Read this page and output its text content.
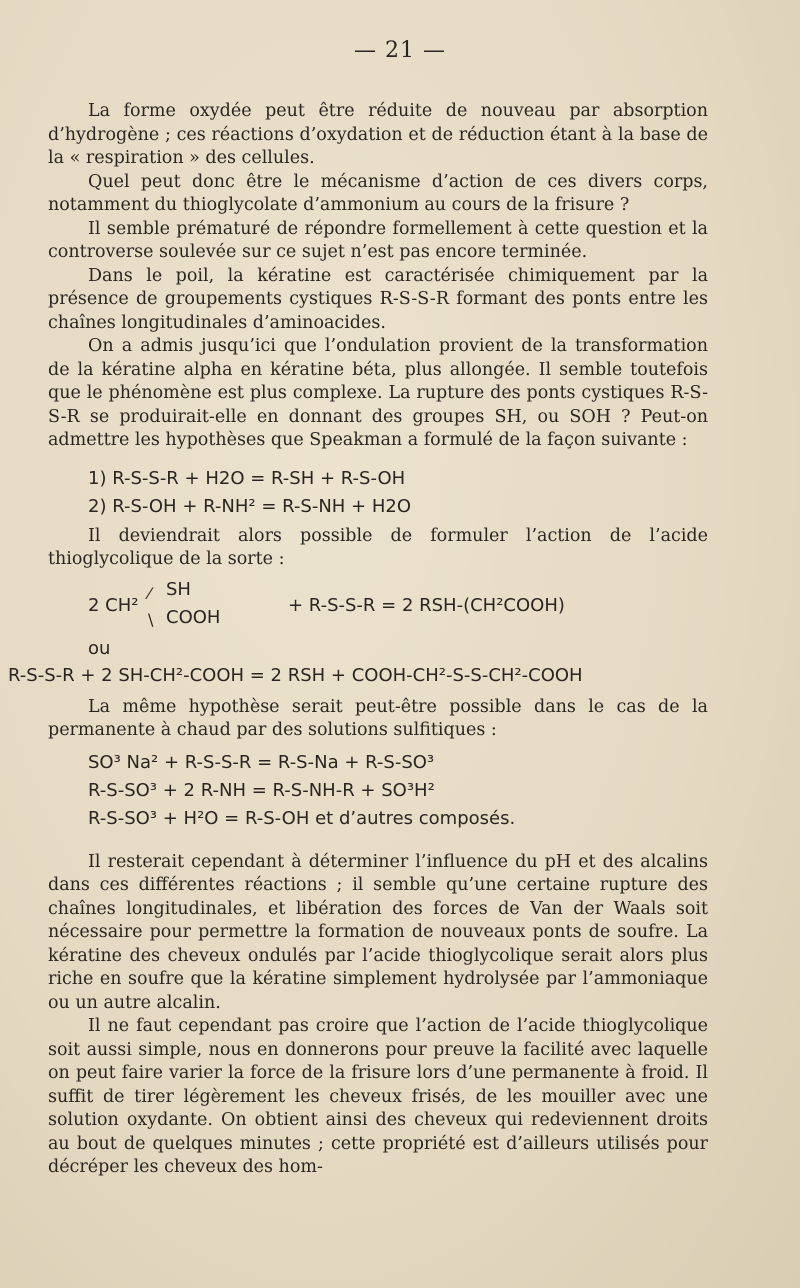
— 21 —

La forme oxydée peut être réduite de nouveau par absorption d’hydrogène ; ces réactions d’oxydation et de réduction étant à la base de la « respiration » des cellules.

Quel peut donc être le mécanisme d’action de ces divers corps, notamment du thioglycolate d’ammonium au cours de la frisure ?

Il semble prématuré de répondre formellement à cette question et la controverse soulevée sur ce sujet n’est pas encore terminée.

Dans le poil, la kératine est caractérisée chimiquement par la présence de groupements cystiques R-S-S-R formant des ponts entre les chaînes longitudinales d’aminoacides.

On a admis jusqu’ici que l’ondulation provient de la transformation de la kératine alpha en kératine béta, plus allongée. Il semble toutefois que le phénomène est plus complexe. La rupture des ponts cystiques R-S-S-R se produirait-elle en donnant des groupes SH, ou SOH ? Peut-on admettre les hypothèses que Speakman a formulé de la façon suivante :

1) R-S-S-R + H2O = R-SH + R-S-OH
2) R-S-OH + R-NH² = R-S-NH + H2O

Il deviendrait alors possible de formuler l’action de l’acide thioglycolique de la sorte :

2 CH²
⁄
\
SH
COOH
+ R-S-S-R = 2 RSH-(CH²COOH)
ou
R-S-S-R + 2 SH-CH²-COOH = 2 RSH + COOH-CH²-S-S-CH²-COOH

La même hypothèse serait peut-être possible dans le cas de la permanente à chaud par des solutions sulfitiques :

SO³ Na² + R-S-S-R = R-S-Na + R-S-SO³
R-S-SO³ + 2 R-NH = R-S-NH-R + SO³H²
R-S-SO³ + H²O = R-S-OH et d’autres composés.

Il resterait cependant à déterminer l’influence du pH et des alcalins dans ces différentes réactions ; il semble qu’une certaine rupture des chaînes longitudinales, et libération des forces de Van der Waals soit nécessaire pour permettre la formation de nouveaux ponts de soufre. La kératine des cheveux ondulés par l’acide thioglycolique serait alors plus riche en soufre que la kératine simplement hydrolysée par l’ammoniaque ou un autre alcalin.

Il ne faut cependant pas croire que l’action de l’acide thioglycolique soit aussi simple, nous en donnerons pour preuve la facilité avec laquelle on peut faire varier la force de la frisure lors d’une permanente à froid. Il suffit de tirer légèrement les cheveux frisés, de les mouiller avec une solution oxydante. On obtient ainsi des cheveux qui redeviennent droits au bout de quelques minutes ; cette propriété est d’ailleurs utilisés pour décréper les cheveux des hom-
